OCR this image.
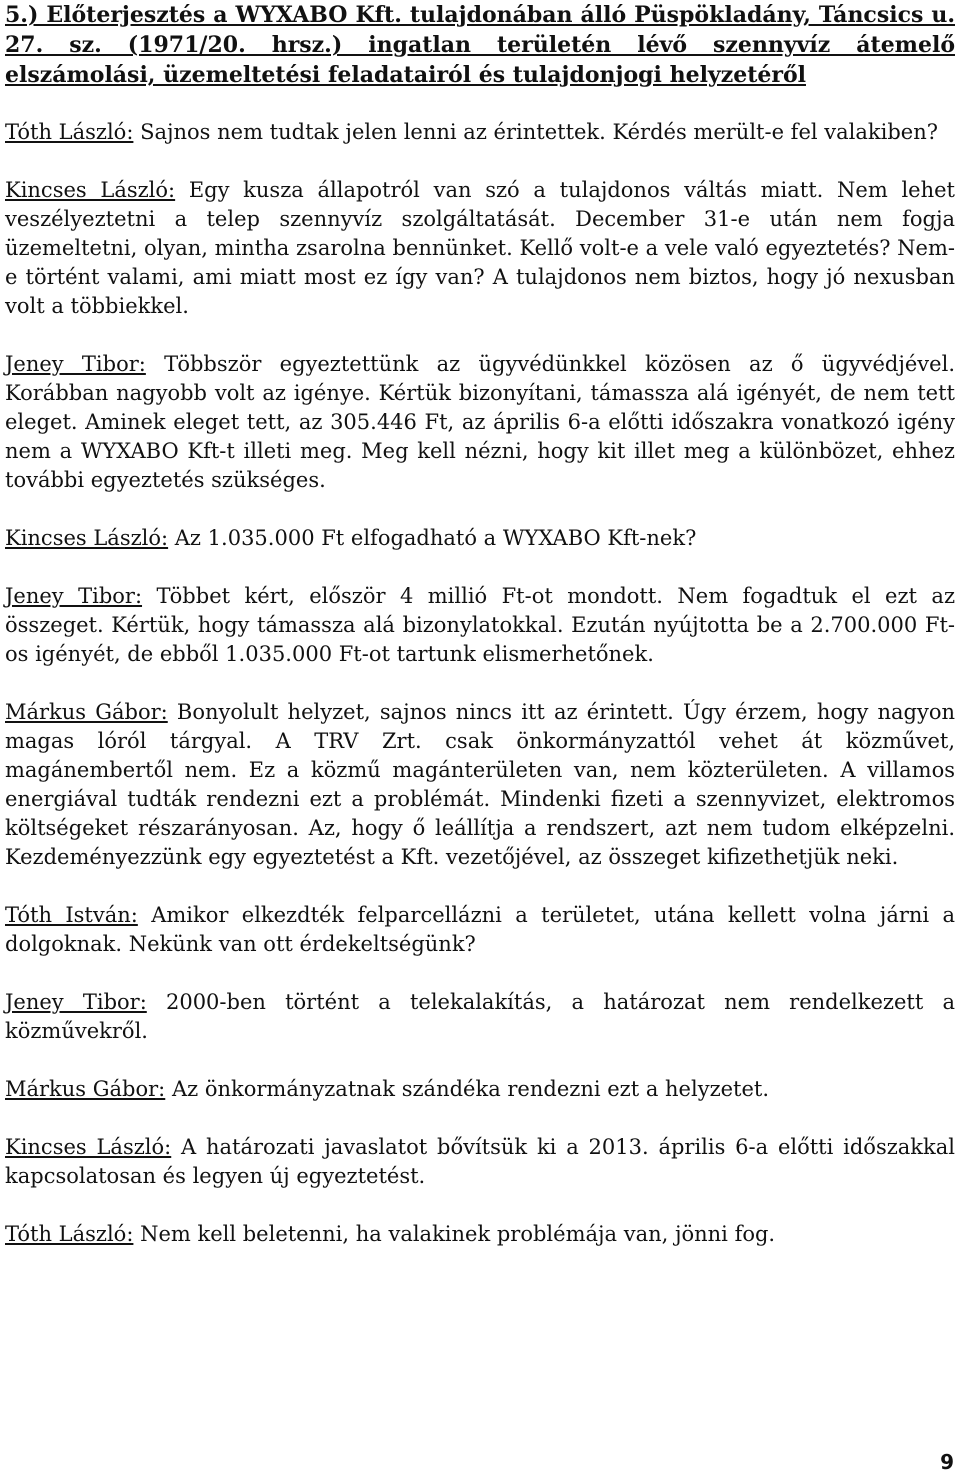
5.) Előterjesztés a WYXABO Kft. tulajdonában álló Püspökladány, Táncsics u. 27. sz. (1971/20. hrsz.) ingatlan területén lévő szennyvíz átemelő elszámolási, üzemeltetési feladatairól és tulajdonjogi helyzetéről

Tóth László: Sajnos nem tudtak jelen lenni az érintettek. Kérdés merült-e fel valakiben?

Kincses László: Egy kusza állapotról van szó a tulajdonos váltás miatt. Nem lehet veszélyeztetni a telep szennyvíz szolgáltatását. December 31-e után nem fogja üzemeltetni, olyan, mintha zsarolna bennünket. Kellő volt-e a vele való egyeztetés? Nem-e történt valami, ami miatt most ez így van? A tulajdonos nem biztos, hogy jó nexusban volt a többiekkel.

Jeney Tibor: Többször egyeztettünk az ügyvédünkkel közösen az ő ügyvédjével. Korábban nagyobb volt az igénye. Kértük bizonyítani, támassza alá igényét, de nem tett eleget. Aminek eleget tett, az 305.446 Ft, az április 6-a előtti időszakra vonatkozó igény nem a WYXABO Kft-t illeti meg. Meg kell nézni, hogy kit illet meg a különbözet, ehhez további egyeztetés szükséges.

Kincses László: Az 1.035.000 Ft elfogadható a WYXABO Kft-nek?

Jeney Tibor: Többet kért, először 4 millió Ft-ot mondott. Nem fogadtuk el ezt az összeget. Kértük, hogy támassza alá bizonylatokkal. Ezután nyújtotta be a 2.700.000 Ft-os igényét, de ebből 1.035.000 Ft-ot tartunk elismerhetőnek.

Márkus Gábor: Bonyolult helyzet, sajnos nincs itt az érintett. Úgy érzem, hogy nagyon magas lóról tárgyal. A TRV Zrt. csak önkormányzattól vehet át közművet, magánembertől nem. Ez a közmű magánterületen van, nem közterületen. A villamos energiával tudták rendezni ezt a problémát. Mindenki fizeti a szennyvizet, elektromos költségeket részarányosan. Az, hogy ő leállítja a rendszert, azt nem tudom elképzelni. Kezdeményezzünk egy egyeztetést a Kft. vezetőjével, az összeget kifizethetjük neki.

Tóth István: Amikor elkezdték felparcellázni a területet, utána kellett volna járni a dolgoknak. Nekünk van ott érdekeltségünk?

Jeney Tibor: 2000-ben történt a telekalakítás, a határozat nem rendelkezett a közművekről.

Márkus Gábor: Az önkormányzatnak szándéka rendezni ezt a helyzetet.

Kincses László: A határozati javaslatot bővítsük ki a 2013. április 6-a előtti időszakkal kapcsolatosan és legyen új egyeztetést.

Tóth László: Nem kell beletenni, ha valakinek problémája van, jönni fog.

9
